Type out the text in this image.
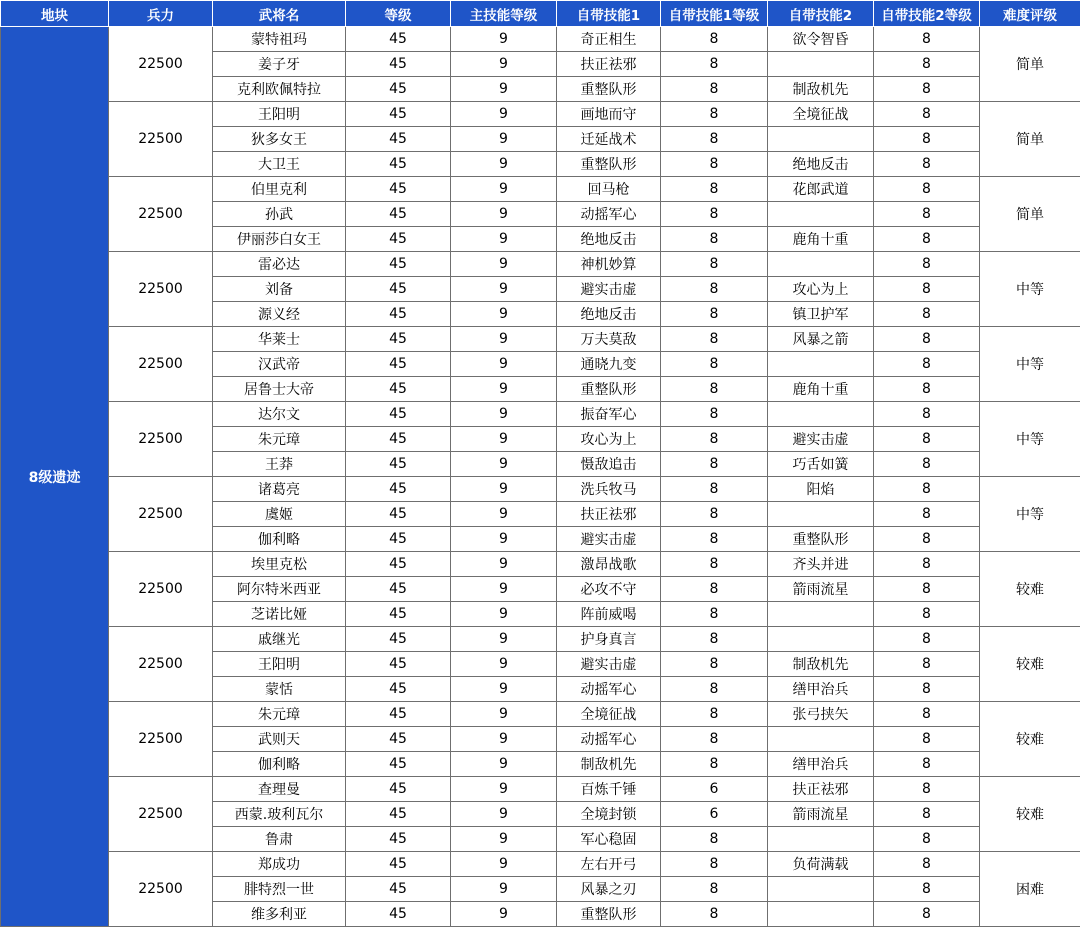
地块	兵力	武将名	等级	主技能等级	自带技能1	自带技能1等级	自带技能2	自带技能2等级	难度评级
8级遗迹	22500	蒙特祖玛	45	9	奇正相生	8	欲令智昏	8	简单
		姜子牙	45	9	扶正祛邪	8		8	
		克利欧佩特拉	45	9	重整队形	8	制敌机先	8	
	22500	王阳明	45	9	画地而守	8	全境征战	8	简单
		狄多女王	45	9	迁延战术	8		8	
		大卫王	45	9	重整队形	8	绝地反击	8	
	22500	伯里克利	45	9	回马枪	8	花郎武道	8	简单
		孙武	45	9	动摇军心	8		8	
		伊丽莎白女王	45	9	绝地反击	8	鹿角十重	8	
	22500	雷必达	45	9	神机妙算	8		8	中等
		刘备	45	9	避实击虚	8	攻心为上	8	
		源义经	45	9	绝地反击	8	镇卫护军	8	
	22500	华莱士	45	9	万夫莫敌	8	风暴之箭	8	中等
		汉武帝	45	9	通晓九变	8		8	
		居鲁士大帝	45	9	重整队形	8	鹿角十重	8	
	22500	达尔文	45	9	振奋军心	8		8	中等
		朱元璋	45	9	攻心为上	8	避实击虚	8	
		王莽	45	9	慑敌追击	8	巧舌如簧	8	
	22500	诸葛亮	45	9	洗兵牧马	8	阳焰	8	中等
		虞姬	45	9	扶正祛邪	8		8	
		伽利略	45	9	避实击虚	8	重整队形	8	
	22500	埃里克松	45	9	激昂战歌	8	齐头并进	8	较难
		阿尔特米西亚	45	9	必攻不守	8	箭雨流星	8	
		芝诺比娅	45	9	阵前威喝	8		8	
	22500	戚继光	45	9	护身真言	8		8	较难
		王阳明	45	9	避实击虚	8	制敌机先	8	
		蒙恬	45	9	动摇军心	8	缮甲治兵	8	
	22500	朱元璋	45	9	全境征战	8	张弓挟矢	8	较难
		武则天	45	9	动摇军心	8		8	
		伽利略	45	9	制敌机先	8	缮甲治兵	8	
	22500	查理曼	45	9	百炼千锤	6	扶正祛邪	8	较难
		西蒙.玻利瓦尔	45	9	全境封锁	6	箭雨流星	8	
		鲁肃	45	9	军心稳固	8		8	
	22500	郑成功	45	9	左右开弓	8	负荷满载	8	困难
		腓特烈一世	45	9	风暴之刃	8		8	
		维多利亚	45	9	重整队形	8		8	
